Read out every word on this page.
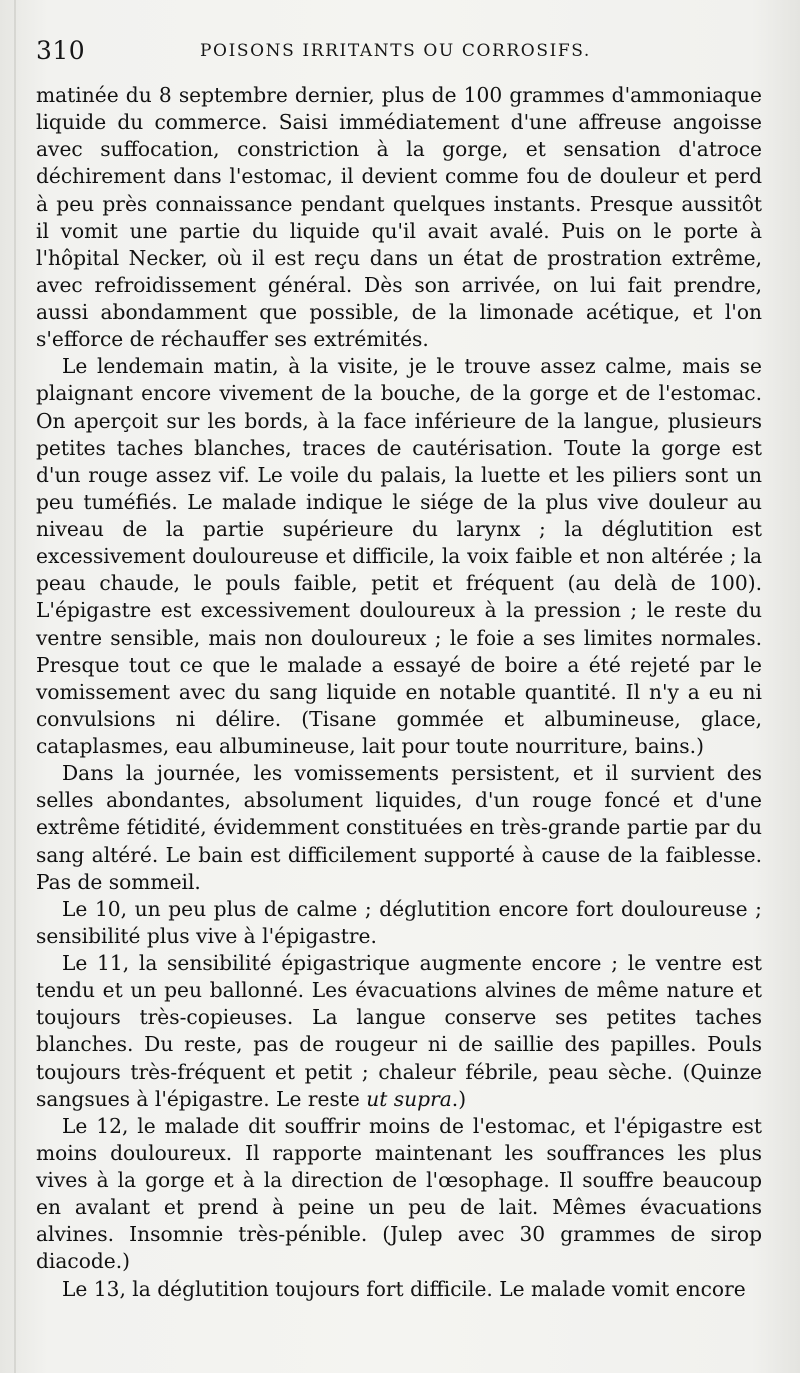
310	POISONS IRRITANTS OU CORROSIFS.

matinée du 8 septembre dernier, plus de 100 grammes d'ammoniaque liquide du commerce. Saisi immédiatement d'une affreuse angoisse avec suffocation, constriction à la gorge, et sensation d'atroce déchirement dans l'estomac, il devient comme fou de douleur et perd à peu près connaissance pendant quelques instants. Presque aussitôt il vomit une partie du liquide qu'il avait avalé. Puis on le porte à l'hôpital Necker, où il est reçu dans un état de prostration extrême, avec refroidissement général. Dès son arrivée, on lui fait prendre, aussi abondamment que possible, de la limonade acétique, et l'on s'efforce de réchauffer ses extrémités.

Le lendemain matin, à la visite, je le trouve assez calme, mais se plaignant encore vivement de la bouche, de la gorge et de l'estomac. On aperçoit sur les bords, à la face inférieure de la langue, plusieurs petites taches blanches, traces de cautérisation. Toute la gorge est d'un rouge assez vif. Le voile du palais, la luette et les piliers sont un peu tuméfiés. Le malade indique le siége de la plus vive douleur au niveau de la partie supérieure du larynx ; la déglutition est excessivement douloureuse et difficile, la voix faible et non altérée ; la peau chaude, le pouls faible, petit et fréquent (au delà de 100). L'épigastre est excessivement douloureux à la pression ; le reste du ventre sensible, mais non douloureux ; le foie a ses limites normales. Presque tout ce que le malade a essayé de boire a été rejeté par le vomissement avec du sang liquide en notable quantité. Il n'y a eu ni convulsions ni délire. (Tisane gommée et albumineuse, glace, cataplasmes, eau albumineuse, lait pour toute nourriture, bains.)

Dans la journée, les vomissements persistent, et il survient des selles abondantes, absolument liquides, d'un rouge foncé et d'une extrême fétidité, évidemment constituées en très-grande partie par du sang altéré. Le bain est difficilement supporté à cause de la faiblesse. Pas de sommeil.

Le 10, un peu plus de calme ; déglutition encore fort douloureuse ; sensibilité plus vive à l'épigastre.

Le 11, la sensibilité épigastrique augmente encore ; le ventre est tendu et un peu ballonné. Les évacuations alvines de même nature et toujours très-copieuses. La langue conserve ses petites taches blanches. Du reste, pas de rougeur ni de saillie des papilles. Pouls toujours très-fréquent et petit ; chaleur fébrile, peau sèche. (Quinze sangsues à l'épigastre. Le reste ut supra.)

Le 12, le malade dit souffrir moins de l'estomac, et l'épigastre est moins douloureux. Il rapporte maintenant les souffrances les plus vives à la gorge et à la direction de l'œsophage. Il souffre beaucoup en avalant et prend à peine un peu de lait. Mêmes évacuations alvines. Insomnie très-pénible. (Julep avec 30 grammes de sirop diacode.)

Le 13, la déglutition toujours fort difficile. Le malade vomit encore
